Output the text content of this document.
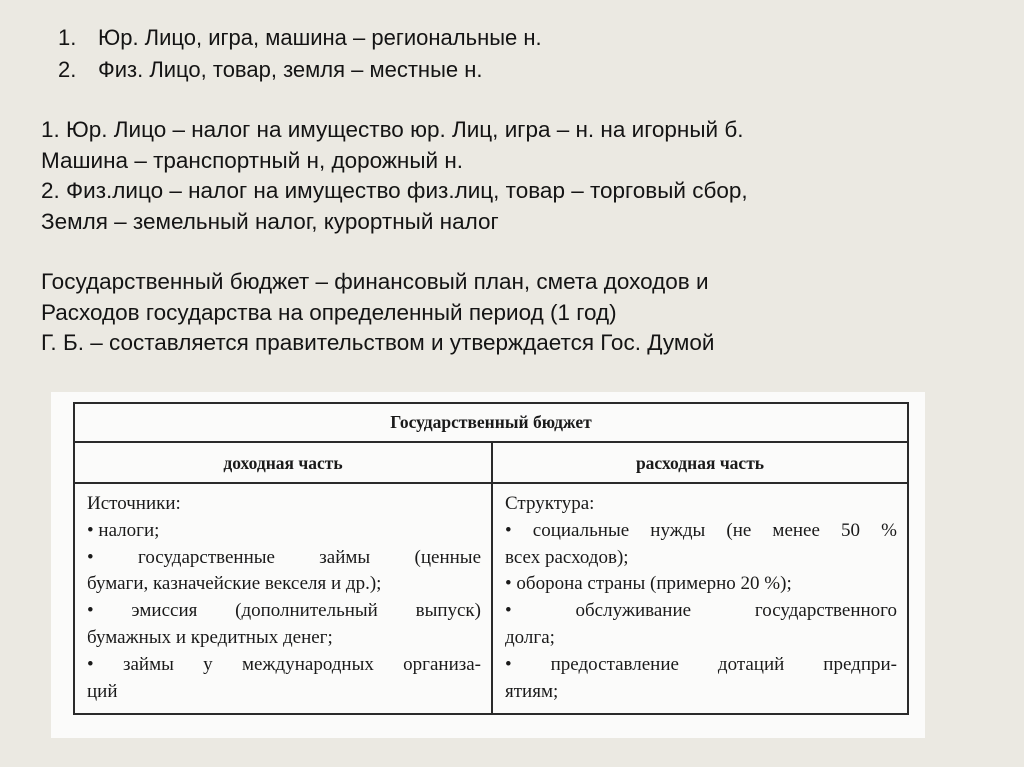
1. Юр. Лицо, игра, машина – региональные н.
2. Физ. Лицо, товар, земля – местные н.
1. Юр. Лицо – налог на имущество юр. Лиц, игра – н. на игорный б.
Машина – транспортный н, дорожный н.
2. Физ.лицо – налог на имущество физ.лиц, товар – торговый сбор,
Земля – земельный налог, курортный налог
Государственный бюджет – финансовый план, смета доходов и
Расходов государства на определенный период (1 год)
Г. Б. – составляется правительством и утверждается Гос. Думой
Государственный бюджет
доходная часть	расходная часть
Источники:
• налоги;
• государственные займы (ценные
бумаги, казначейские векселя и др.);
• эмиссия (дополнительный выпуск)
бумажных и кредитных денег;
• займы у международных организа-
ций
Структура:
• социальные нужды (не менее 50 %
всех расходов);
• оборона страны (примерно 20 %);
• обслуживание государственного
долга;
• предоставление дотаций предпри-
ятиям;
